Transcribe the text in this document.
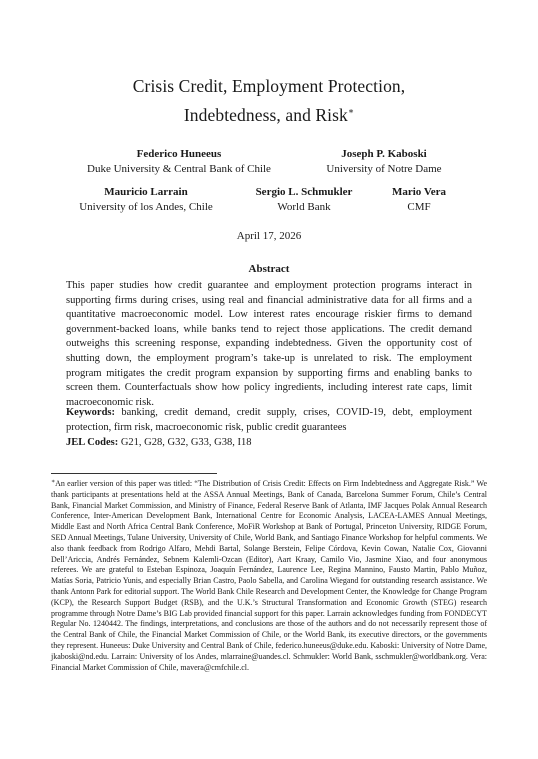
Crisis Credit, Employment Protection,
Indebtedness, and Risk∗
Federico Huneeus
Duke University & Central Bank of Chile
Joseph P. Kaboski
University of Notre Dame
Mauricio Larrain
University of los Andes, Chile
Sergio L. Schmukler
World Bank
Mario Vera
CMF
April 17, 2026
Abstract

This paper studies how credit guarantee and employment protection programs interact in supporting firms during crises, using real and financial administrative data for all firms and a quantitative macroeconomic model. Low interest rates encourage riskier firms to demand government-backed loans, while banks tend to reject those applications. The credit demand outweighs this screening response, expanding indebtedness. Given the opportunity cost of shutting down, the employment program’s take-up is unrelated to risk. The employment program mitigates the credit program expansion by supporting firms and enabling banks to screen them. Counterfactuals show how policy ingredients, including interest rate caps, limit macroeconomic risk.

Keywords: banking, credit demand, credit supply, crises, COVID-19, debt, employment protection, firm risk, macroeconomic risk, public credit guarantees

JEL Codes: G21, G28, G32, G33, G38, I18

∗An earlier version of this paper was titled: “The Distribution of Crisis Credit: Effects on Firm Indebtedness and Aggregate Risk.” We thank participants at presentations held at the ASSA Annual Meetings, Bank of Canada, Barcelona Summer Forum, Chile’s Central Bank, Financial Market Commission, and Ministry of Finance, Federal Reserve Bank of Atlanta, IMF Jacques Polak Annual Research Conference, Inter-American Development Bank, International Centre for Economic Analysis, LACEA-LAMES Annual Meetings, Middle East and North Africa Central Bank Conference, MoFiR Workshop at Bank of Portugal, Princeton University, RIDGE Forum, SED Annual Meetings, Tulane University, University of Chile, World Bank, and Santiago Finance Workshop for helpful comments. We also thank feedback from Rodrigo Alfaro, Mehdi Bartal, Solange Berstein, Felipe Córdova, Kevin Cowan, Natalie Cox, Giovanni Dell’Ariccia, Andrés Fernández, Sebnem Kalemli-Ozcan (Editor), Aart Kraay, Camilo Vio, Jasmine Xiao, and four anonymous referees. We are grateful to Esteban Espinoza, Joaquín Fernández, Laurence Lee, Regina Mannino, Fausto Martin, Pablo Muñoz, Matías Soria, Patricio Yunis, and especially Brian Castro, Paolo Sabella, and Carolina Wiegand for outstanding research assistance. We thank Antonn Park for editorial support. The World Bank Chile Research and Development Center, the Knowledge for Change Program (KCP), the Research Support Budget (RSB), and the U.K.’s Structural Transformation and Economic Growth (STEG) research programme through Notre Dame’s BIG Lab provided financial support for this paper. Larrain acknowledges funding from FONDECYT Regular No. 1240442. The findings, interpretations, and conclusions are those of the authors and do not necessarily represent those of the Central Bank of Chile, the Financial Market Commission of Chile, or the World Bank, its executive directors, or the governments they represent. Huneeus: Duke University and Central Bank of Chile, federico.huneeus@duke.edu. Kaboski: University of Notre Dame, jkaboski@nd.edu. Larrain: University of los Andes, mlarraine@uandes.cl. Schmukler: World Bank, sschmukler@worldbank.org. Vera: Financial Market Commission of Chile, mavera@cmfchile.cl.
